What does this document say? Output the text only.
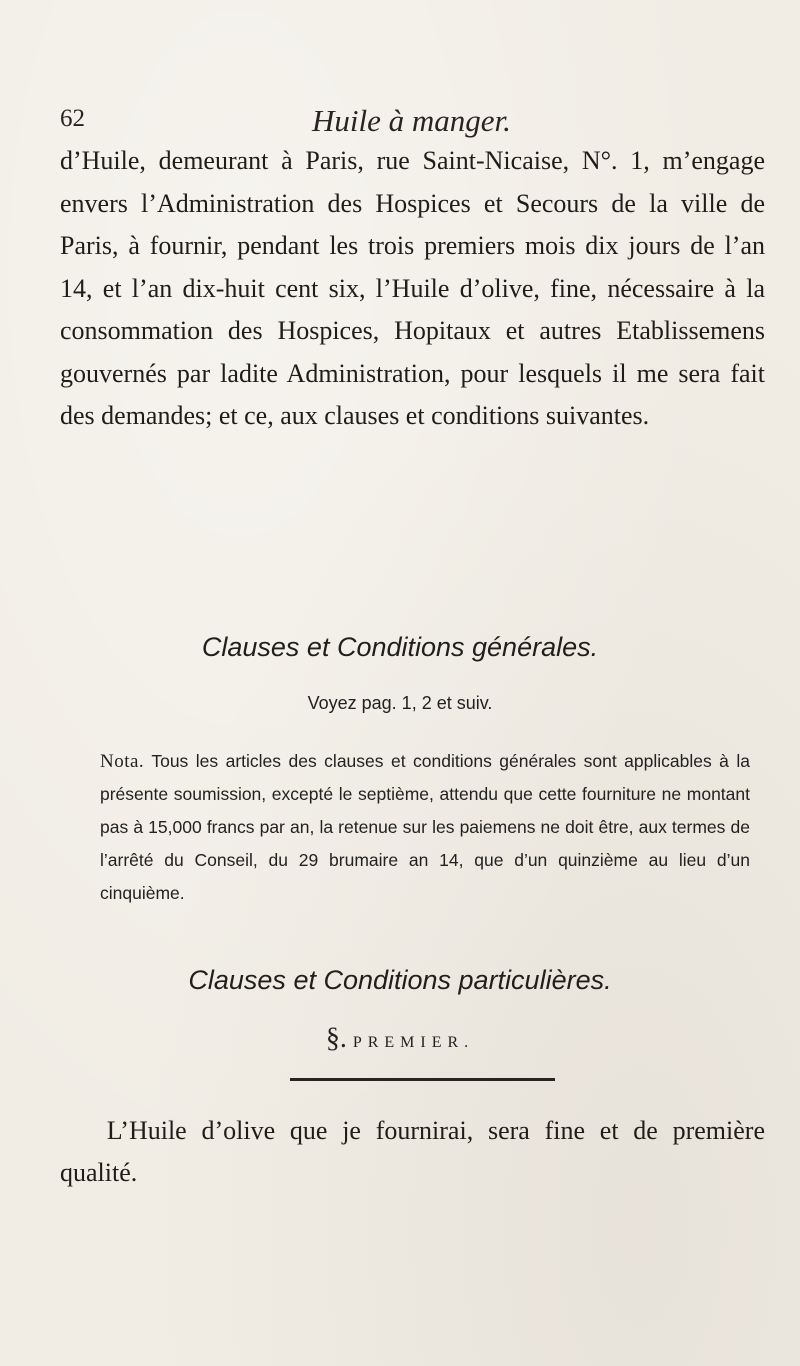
62	Huile à manger.

d’Huile, demeurant à Paris, rue Saint-Nicaise, N°. 1, m’engage envers l’Administration des Hospices et Secours de la ville de Paris, à fournir, pendant les trois premiers mois dix jours de l’an 14, et l’an dix-huit cent six, l’Huile d’olive, fine, nécessaire à la consommation des Hospices, Hopitaux et autres Etablissemens gouvernés par ladite Administration, pour lesquels il me sera fait des demandes; et ce, aux clauses et conditions suivantes.

Clauses et Conditions générales.
Voyez pag. 1, 2 et suiv.

Nota. Tous les articles des clauses et conditions générales sont applicables à la présente soumission, excepté le septième, attendu que cette fourniture ne montant pas à 15,000 francs par an, la retenue sur les paiemens ne doit être, aux termes de l’arrêté du Conseil, du 29 brumaire an 14, que d’un quinzième au lieu d’un cinquième.

Clauses et Conditions particulières.
§. PREMIER.

L’Huile d’olive que je fournirai, sera fine et de première qualité.
